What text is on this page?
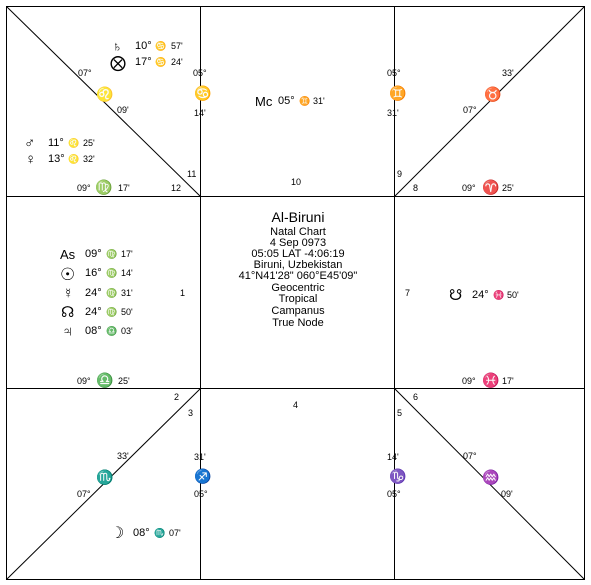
1
2
3
4
5
6
7
8
9
10
11
12
09° ♍ 17'	09° ♈ 25'
09° ♎ 25'	09° ♓ 17'
07°
♌
09'
33'
♉
07°
33'
♏
07°
07°
♒
09'
05°
♋
14'
05°
♊
31'
31'
♐
05°
14'
♑
05°
Mc 05° ♊ 31'
♄ 10° ♋ 57'
⨂ 17° ♋ 24'
♂ 11° ♌ 25'
♀ 13° ♌ 32'
As 09° ♍ 17'
☉ 16° ♍ 14'
☿ 24° ♍ 31'
☊ 24° ♍ 50'
♃ 08° ♎ 03'
☋ 24° ♓ 50'
☽ 08° ♏ 07'
Al-Biruni
Natal Chart
4 Sep 0973
05:05 LAT -4:06:19
Biruni, Uzbekistan
41°N41'28" 060°E45'09"
Geocentric
Tropical
Campanus
True Node
